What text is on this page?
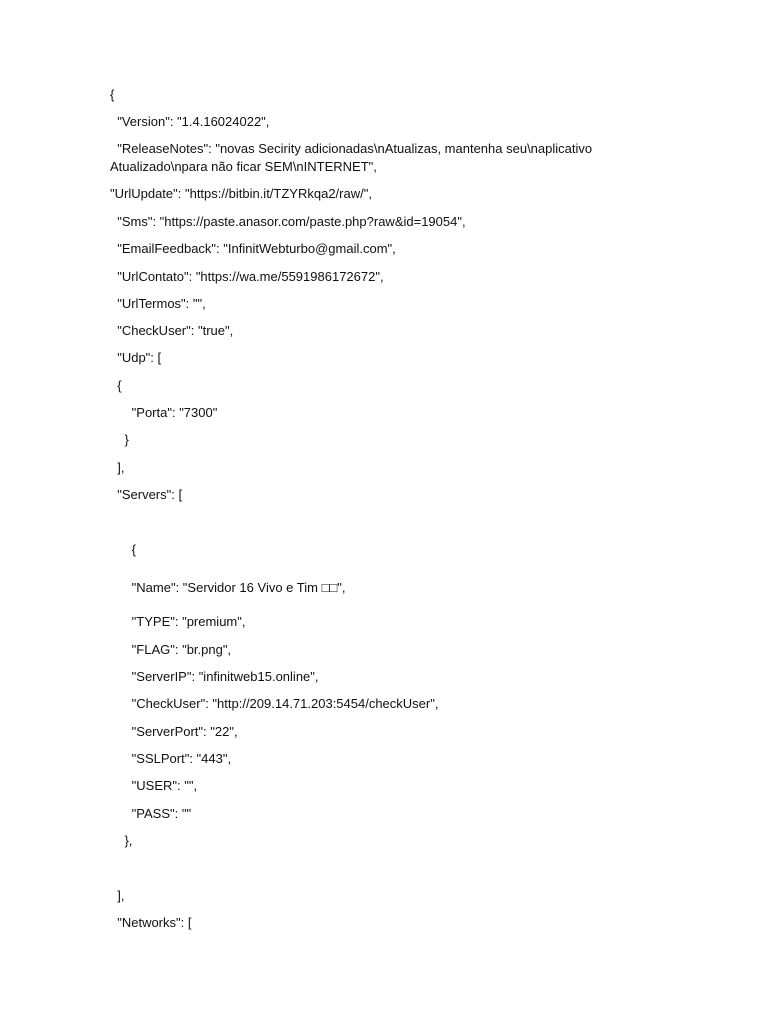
{
"Version": "1.4.16024022",
"ReleaseNotes": "novas Secirity adicionadas\nAtualizas, mantenha seu\naplicativo
Atualizado\npara não ficar SEM\nINTERNET",
"UrlUpdate": "https://bitbin.it/TZYRkqa2/raw/",
"Sms": "https://paste.anasor.com/paste.php?raw&id=19054",
"EmailFeedback": "InfinitWebturbo@gmail.com",
"UrlContato": "https://wa.me/5591986172672",
"UrlTermos": "",
"CheckUser": "true",
"Udp": [
{
"Porta": "7300"
}
],
"Servers": [
{
"Name": "Servidor 16 Vivo e Tim □□",
"TYPE": "premium",
"FLAG": "br.png",
"ServerIP": "infinitweb15.online",
"CheckUser": "http://209.14.71.203:5454/checkUser",
"ServerPort": "22",
"SSLPort": "443",
"USER": "",
"PASS": ""
},
],
"Networks": [
